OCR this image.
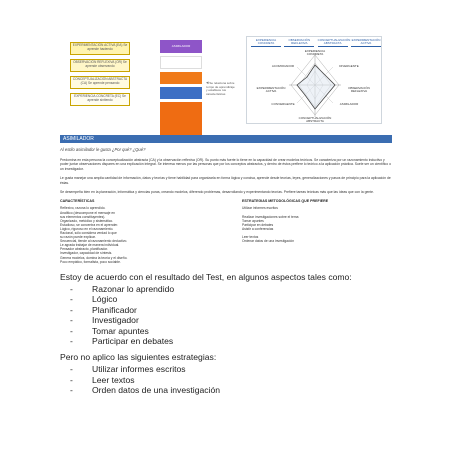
EXPERIMENTACIÓN ACTIVA (EA) Se aprende haciendo
OBSERVACIÓN REFLEXIVA (OR) Se aprende observando
CONCEPTUALIZACIÓN ABSTRACTA (CA) Se aprende pensando
EXPERIENCIA CONCRETA (EC) Se aprende sintiendo
ASIMILADOR
◂ Se relaciona sobre tu tipo de aprendizaje y establece tus características
EXPERIENCIA CONCRETA
OBSERVACIÓN REFLEXIVA
CONCEPTUALIZACIÓN ABSTRACTA
EXPERIMENTACIÓN ACTIVA
EXPERIENCIA CONCRETA
ACOMODADOR	DIVERGENTE
EXPERIMENTACIÓN ACTIVA
OBSERVACIÓN REFLEXIVA
CONVERGENTE	ASIMILADOR
CONCEPTUALIZACIÓN ABSTRACTA
ASIMILADOR
Al estilo asimilador le gusta ¿Por qué? ¿Qué?

Predomina en esta persona la conceptualización abstracta (CA) y la observación reflexiva (OR). Su punto más fuerte lo tiene en la capacidad de crear modelos teóricos. Se caracteriza por un razonamiento inductivo y poder juntar observaciones dispares en una explicación integral. Se interesa menos por las personas que por los conceptos abstractos, y dentro de éstos prefiere lo teórico a la aplicación práctica. Suele ser un científico o un investigador.

Le gusta manejar una amplia cantidad de información, datos y teorías y tiene habilidad para organizarla en forma lógica y concisa, aprende desde teorías, leyes, generalizaciones y pasos de principio para la aplicación de éstas.

Se desempeña bien en la planeación, informática y ciencias puras, creando modelos, diferendo problemas, desarrollando y experimentando teorías. Prefiere tareas teóricas más que las ideas que con la gente.

CARACTERÍSTICAS
Reflexivo, razona lo aprendido.
Analítico (descompone el mensaje en
sus elementos constituyentes).
Organizado, metódico y sistemático.
Estudioso, se concentra en el aprender.
Lógico, riguroso en el razonamiento.
Racional, sólo considera verdad lo que
su razón puede explicar.
Secuencial, tiende al razonamiento deductivo.
Le agrada trabajar de manera individual.
Pensador abstracto, planificador.
Investigador, capacidad de síntesis.
Genera modelos, domina la teoría y el diseño.
Poco empático, formalista, poco sociable.
ESTRATEGIAS METODOLÓGICAS QUE PREFIERE
Utilizar informes escritos
Realizar investigaciones sobre el tema
Tomar apuntes
Participar en debates
Asistir a conferencias
Leer textos
Ordenar datos de una investigación

Estoy de acuerdo con el resultado del Test, en algunos aspectos tales como:

-	Razonar lo aprendido
-	Lógico
-	Planificador
-	Investigador
-	Tomar apuntes
-	Participar en debates

Pero no aplico las siguientes estrategias:

-	Utilizar informes escritos
-	Leer textos
-	Orden datos de una investigación
